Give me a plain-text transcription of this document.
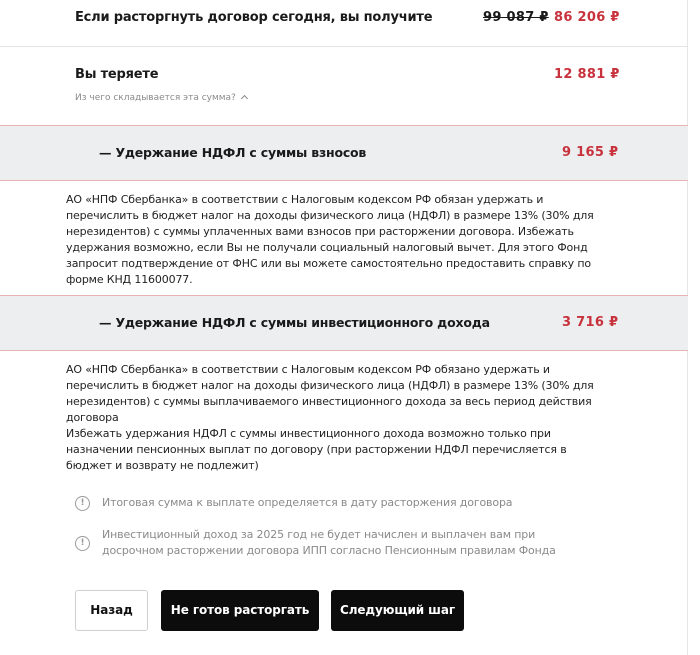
Если расторгнуть договор сегодня, вы получите	99 087 ₽ 86 206 ₽
Вы теряете	12 881 ₽
Из чего складывается эта сумма?
— Удержание НДФЛ с суммы взносов	9 165 ₽

АО «НПФ Сбербанка» в соответствии с Налоговым кодексом РФ обязан удержать и перечислить в бюджет налог на доходы физического лица (НДФЛ) в размере 13% (30% для нерезидентов) с суммы уплаченных вами взносов при расторжении договора. Избежать удержания возможно, если Вы не получали социальный налоговый вычет. Для этого Фонд запросит подтверждение от ФНС или вы можете самостоятельно предоставить справку по форме КНД 11600077.

— Удержание НДФЛ с суммы инвестиционного дохода	3 716 ₽

АО «НПФ Сбербанка» в соответствии с Налоговым кодексом РФ обязано удержать и перечислить в бюджет налог на доходы физического лица (НДФЛ) в размере 13% (30% для нерезидентов) с суммы выплачиваемого инвестиционного дохода за весь период действия договора

Избежать удержания НДФЛ с суммы инвестиционного дохода возможно только при назначении пенсионных выплат по договору (при расторжении НДФЛ перечисляется в бюджет и возврату не подлежит)

!	Итоговая сумма к выплате определяется в дату расторжения договора
!
Инвестиционный доход за 2025 год не будет начислен и выплачен вам при досрочном расторжении договора ИПП согласно Пенсионным правилам Фонда
Назад	Не готов расторгать	Следующий шаг
